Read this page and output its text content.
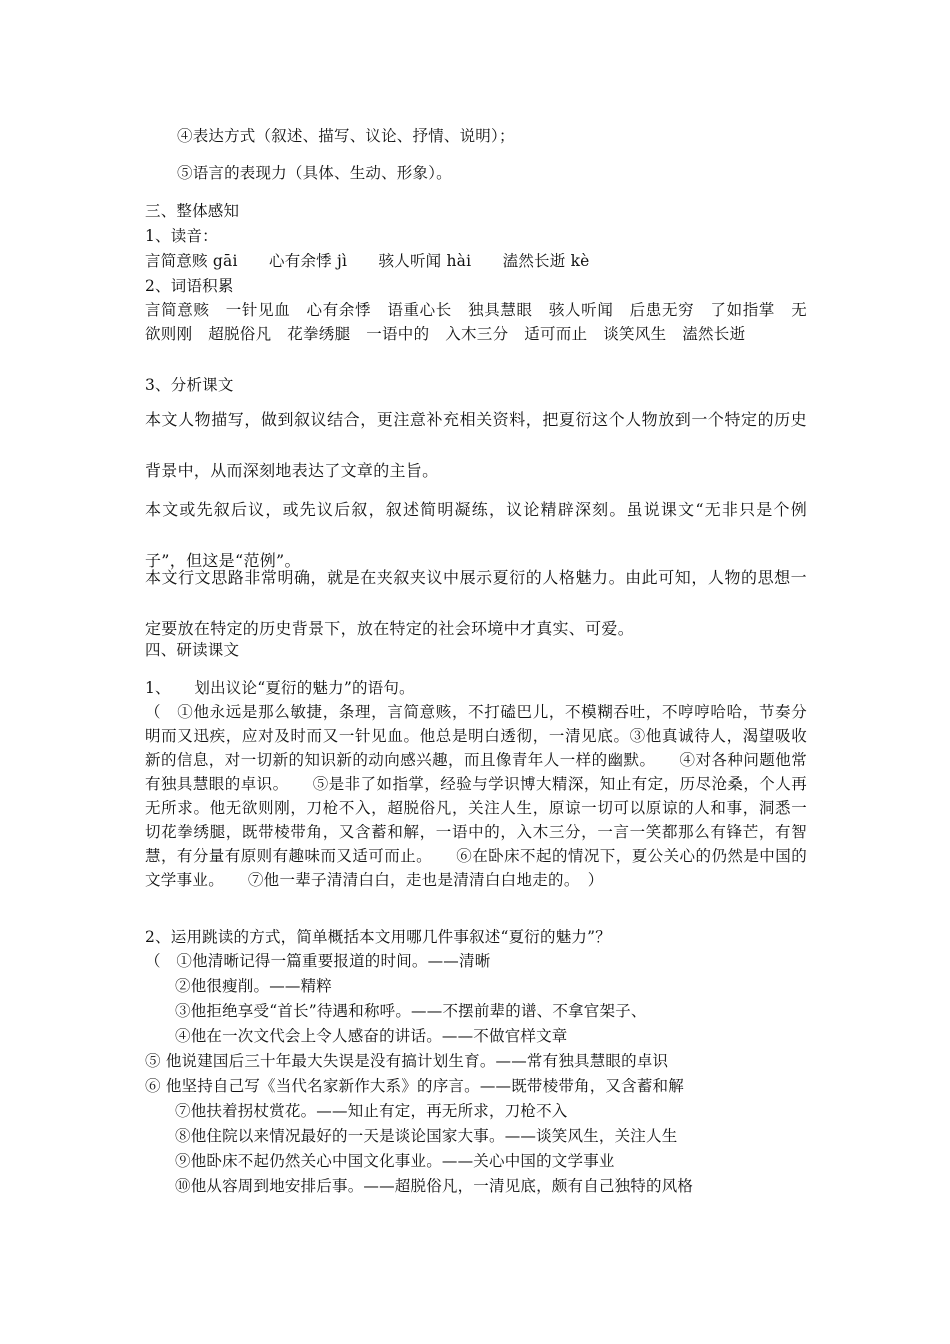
④表达方式（叙述、描写、议论、抒情、说明）；
⑤语言的表现力（具体、生动、形象）。
三、整体感知
1、读音：
言简意赅 gāi　　心有余悸 jì　　骇人听闻 hài　　溘然长逝 kè
2、词语积累
言简意赅　一针见血　心有余悸　语重心长　独具慧眼　骇人听闻　后患无穷　了如指掌　无欲则刚　超脱俗凡　花拳绣腿　一语中的　入木三分　适可而止　谈笑风生　溘然长逝
3、分析课文
本文人物描写，做到叙议结合，更注意补充相关资料，把夏衍这个人物放到一个特定的历史背景中，从而深刻地表达了文章的主旨。
本文或先叙后议，或先议后叙，叙述简明凝练，议论精辟深刻。虽说课文“无非只是个例子”，但这是“范例”。
本文行文思路非常明确，就是在夹叙夹议中展示夏衍的人格魅力。由此可知，人物的思想一定要放在特定的历史背景下，放在特定的社会环境中才真实、可爱。
四、研读课文
1、　　划出议论“夏衍的魅力”的语句。
（　①他永远是那么敏捷，条理，言简意赅，不打磕巴儿，不模糊吞吐，不哼哼哈哈，节奏分明而又迅疾，应对及时而又一针见血。他总是明白透彻，一清见底。③他真诚待人，渴望吸收新的信息，对一切新的知识新的动向感兴趣，而且像青年人一样的幽默。　　④对各种问题他常有独具慧眼的卓识。　　⑤是非了如指掌，经验与学识博大精深，知止有定，历尽沧桑，个人再无所求。他无欲则刚，刀枪不入，超脱俗凡，关注人生，原谅一切可以原谅的人和事，洞悉一切花拳绣腿，既带棱带角，又含蓄和解，一语中的，入木三分，一言一笑都那么有锋芒，有智慧，有分量有原则有趣味而又适可而止。　　⑥在卧床不起的情况下，夏公关心的仍然是中国的文学事业。　　⑦他一辈子清清白白，走也是清清白白地走的。　）
2、运用跳读的方式，简单概括本文用哪几件事叙述“夏衍的魅力”？
（　①他清晰记得一篇重要报道的时间。——清晰
②他很瘦削。——精粹
③他拒绝享受“首长”待遇和称呼。——不摆前辈的谱、不拿官架子、
④他在一次文代会上令人感奋的讲话。——不做官样文章
⑤ 他说建国后三十年最大失误是没有搞计划生育。——常有独具慧眼的卓识
⑥ 他坚持自己写《当代名家新作大系》的序言。——既带棱带角，又含蓄和解
⑦他扶着拐杖赏花。——知止有定，再无所求，刀枪不入
⑧他住院以来情况最好的一天是谈论国家大事。——谈笑风生，关注人生
⑨他卧床不起仍然关心中国文化事业。——关心中国的文学事业
⑩他从容周到地安排后事。——超脱俗凡，一清见底，颇有自己独特的风格
